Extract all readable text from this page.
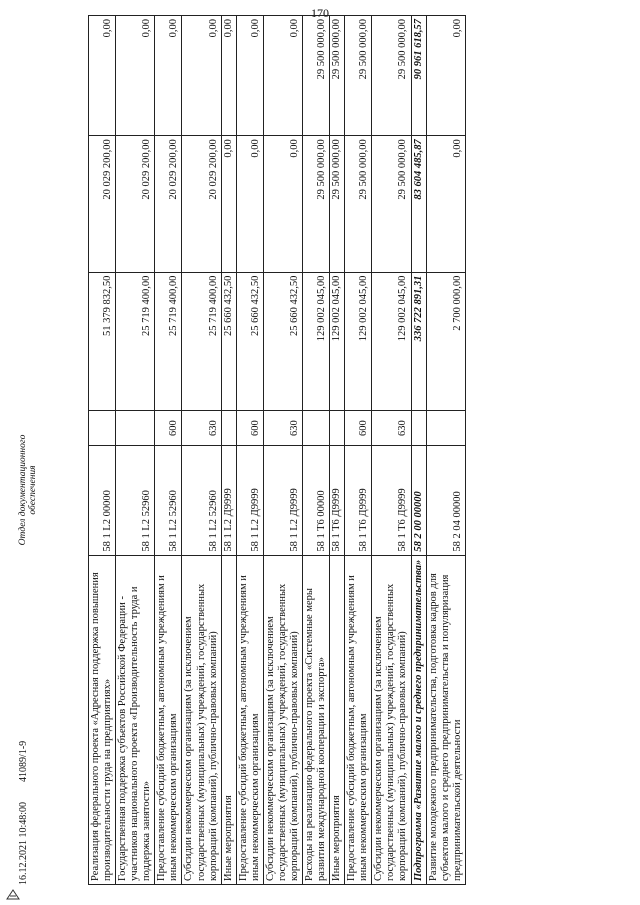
170
Реализация федерального проекта «Адресная поддержка повышения производительности труда на предприятиях»	58 1 L2 00000		51 379 832,50	20 029 200,00	0,00
Государственная поддержка субъектов Российской Федерации - участников национального проекта «Производительность труда и поддержка занятости»	58 1 L2 52960		25 719 400,00	20 029 200,00	0,00
Предоставление субсидий бюджетным, автономным учреждениям и иным некоммерческим организациям	58 1 L2 52960	600	25 719 400,00	20 029 200,00	0,00
Субсидии некоммерческим организациям (за исключением государственных (муниципальных) учреждений, государственных корпораций (компаний), публично-правовых компаний)	58 1 L2 52960	630	25 719 400,00	20 029 200,00	0,00
Иные мероприятия	58 1 L2 Д9999		25 660 432,50	0,00	0,00
Предоставление субсидий бюджетным, автономным учреждениям и иным некоммерческим организациям	58 1 L2 Д9999	600	25 660 432,50	0,00	0,00
Субсидии некоммерческим организациям (за исключением государственных (муниципальных) учреждений, государственных корпораций (компаний), публично-правовых компаний)	58 1 L2 Д9999	630	25 660 432,50	0,00	0,00
Расходы на реализацию федерального проекта «Системные меры развития международной кооперации и экспорта»	58 1 T6 00000		129 002 045,00	29 500 000,00	29 500 000,00
Иные мероприятия	58 1 T6 Д9999		129 002 045,00	29 500 000,00	29 500 000,00
Предоставление субсидий бюджетным, автономным учреждениям и иным некоммерческим организациям	58 1 T6 Д9999	600	129 002 045,00	29 500 000,00	29 500 000,00
Субсидии некоммерческим организациям (за исключением государственных (муниципальных) учреждений, государственных корпораций (компаний), публично-правовых компаний)	58 1 T6 Д9999	630	129 002 045,00	29 500 000,00	29 500 000,00
Подпрограмма «Развитие малого и среднего предпринимательства»	58 2 00 00000		336 722 891,31	83 604 485,87	90 961 618,57
Развитие молодежного предпринимательства, подготовка кадров для субъектов малого и среднего предпринимательства и популяризация предпринимательской деятельности	58 2 04 00000		2 700 000,00	0,00	0,00
16.12.2021 10:48:00        41089/1-9
Отдел документационного обеспечения
